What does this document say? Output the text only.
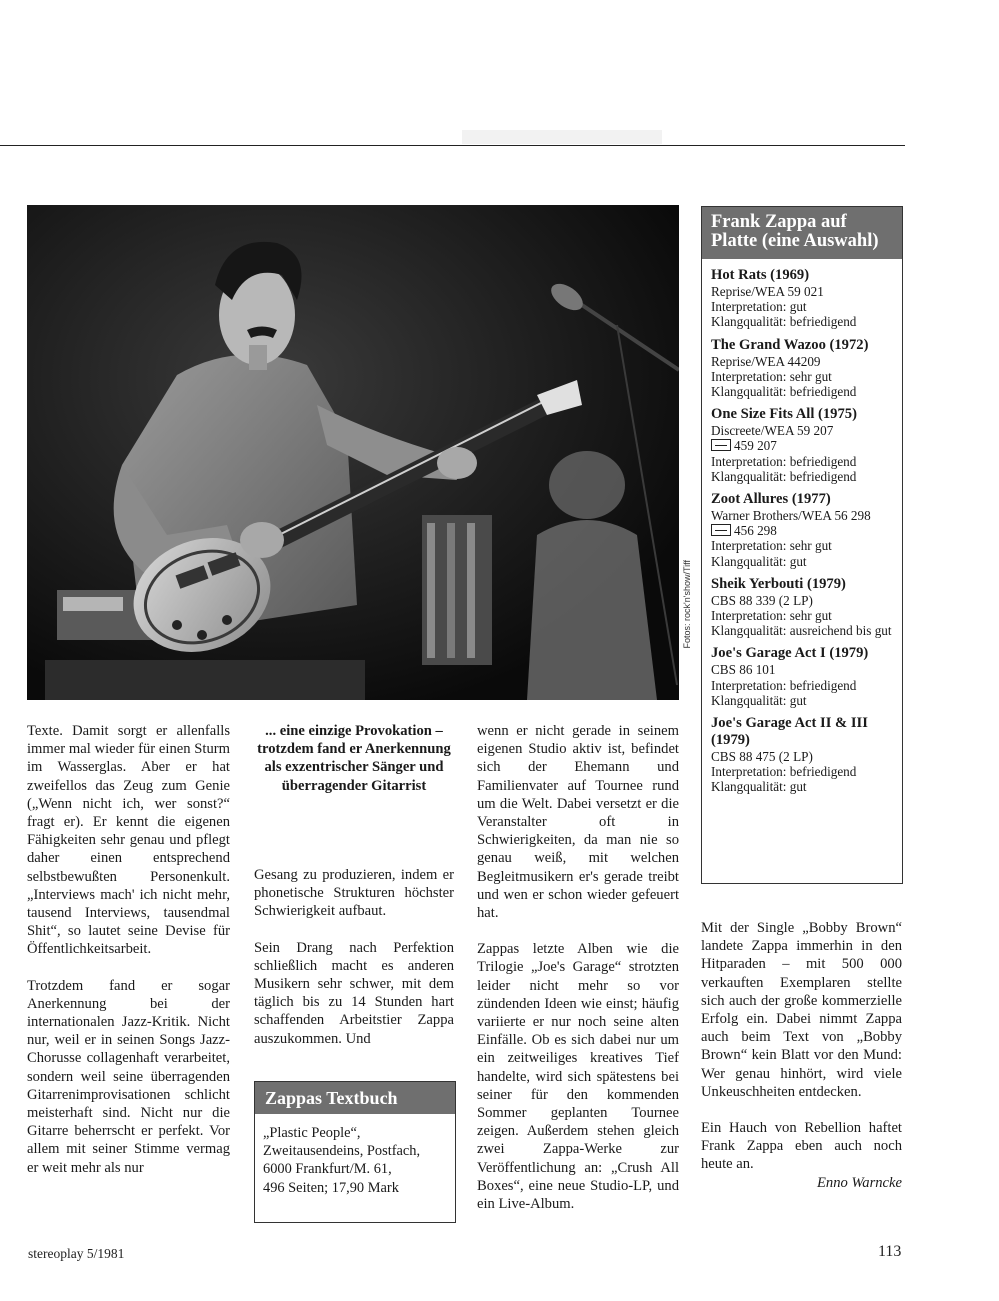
Fotos: rock'n'show/Tiff

Texte. Damit sorgt er allenfalls immer mal wieder für einen Sturm im Wasserglas. Aber er hat zweifellos das Zeug zum Genie („Wenn nicht ich, wer sonst?“ fragt er). Er kennt die eigenen Fähigkeiten sehr genau und pflegt daher einen entsprechend selbstbewußten Personenkult. „Interviews mach' ich nicht mehr, tausend Interviews, tausendmal Shit“, so lautet seine Devise für Öffentlichkeitsarbeit.

Trotzdem fand er sogar Anerkennung bei der internationalen Jazz-Kritik. Nicht nur, weil er in seinen Songs Jazz-Chorusse collagenhaft verarbeitet, sondern weil seine überragenden Gitarrenimprovisationen schlicht meisterhaft sind. Nicht nur die Gitarre beherrscht er perfekt. Vor allem mit seiner Stimme vermag er weit mehr als nur

... eine einzige Provokation – trotzdem fand er Anerkennung als exzentrischer Sänger und überragender Gitarrist

Gesang zu produzieren, indem er phonetische Strukturen höchster Schwierigkeit aufbaut.

Sein Drang nach Perfektion schließlich macht es anderen Musikern sehr schwer, mit dem täglich bis zu 14 Stunden hart schaffenden Arbeitstier Zappa auszukommen. Und

Zappas Textbuch
„Plastic People“, Zweitausendeins, Postfach,
6000 Frankfurt/M. 61,
496 Seiten; 17,90 Mark

wenn er nicht gerade in seinem eigenen Studio aktiv ist, befindet sich der Ehemann und Familienvater auf Tournee rund um die Welt. Dabei versetzt er die Veranstalter oft in Schwierigkeiten, da man nie so genau weiß, mit welchen Begleitmusikern er's gerade treibt und wen er schon wieder gefeuert hat.

Zappas letzte Alben wie die Trilogie „Joe's Garage“ strotzten leider nicht mehr so vor zündenden Ideen wie einst; häufig variierte er nur noch seine alten Einfälle. Ob es sich dabei nur um ein zeitweiliges kreatives Tief handelte, wird sich spätestens bei seiner für den kommenden Sommer geplanten Tournee zeigen. Außerdem stehen gleich zwei Zappa-Werke zur Veröffentlichung an: „Crush All Boxes“, eine neue Studio-LP, und ein Live-Album.

Frank Zappa auf Platte (eine Auswahl)
Hot Rats (1969)
Reprise/WEA 59 021
Interpretation: gut
Klangqualität: befriedigend
The Grand Wazoo (1972)
Reprise/WEA 44209
Interpretation: sehr gut
Klangqualität: befriedigend
One Size Fits All (1975)
Discreete/WEA 59 207
459 207
Interpretation: befriedigend
Klangqualität: befriedigend
Zoot Allures (1977)
Warner Brothers/WEA 56 298
456 298
Interpretation: sehr gut
Klangqualität: gut
Sheik Yerbouti (1979)
CBS 88 339 (2 LP)
Interpretation: sehr gut
Klangqualität: ausreichend bis gut
Joe's Garage Act I (1979)
CBS 86 101
Interpretation: befriedigend
Klangqualität: gut
Joe's Garage Act II & III (1979)
CBS 88 475 (2 LP)
Interpretation: befriedigend
Klangqualität: gut

Mit der Single „Bobby Brown“ landete Zappa immerhin in den Hitparaden – mit 500 000 verkauften Exemplaren stellte sich auch der große kommerzielle Erfolg ein. Dabei nimmt Zappa auch beim Text von „Bobby Brown“ kein Blatt vor den Mund: Wer genau hinhört, wird viele Unkeuschheiten entdecken.

Ein Hauch von Rebellion haftet Frank Zappa eben auch noch heute an.

Enno Warncke
stereoplay 5/1981	113
